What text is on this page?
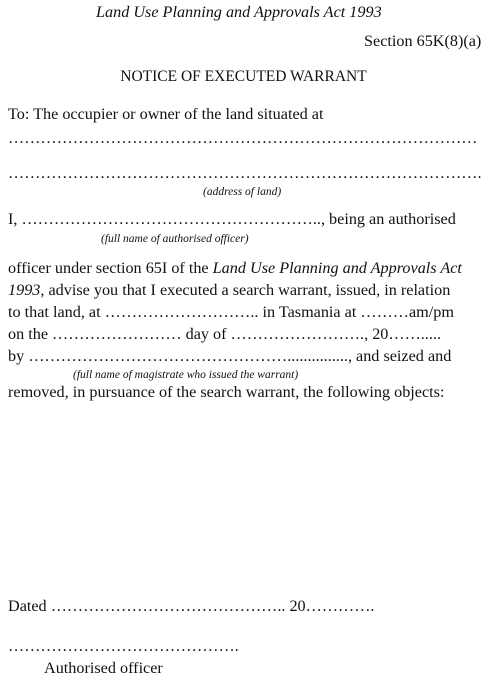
Land Use Planning and Approvals Act 1993
Section 65K(8)(a)
NOTICE OF EXECUTED WARRANT
To: The occupier or owner of the land situated at
……………………………………………………………………………
…………………………………………………………………………….
(address of land)
I, ……………………………………………….., being an authorised
(full name of authorised officer)
officer under section 65I of the Land Use Planning and Approvals Act
1993, advise you that I executed a search warrant, issued, in relation
to that land, at ……………………….. in Tasmania at ………am/pm
on the …………………… day of ……………………., 20…….....
by …………………………………………..............., and seized and
(full name of magistrate who issued the warrant)
removed, in pursuance of the search warrant, the following objects:
Dated …………………………………….. 20………….
…………………………………….
Authorised officer
